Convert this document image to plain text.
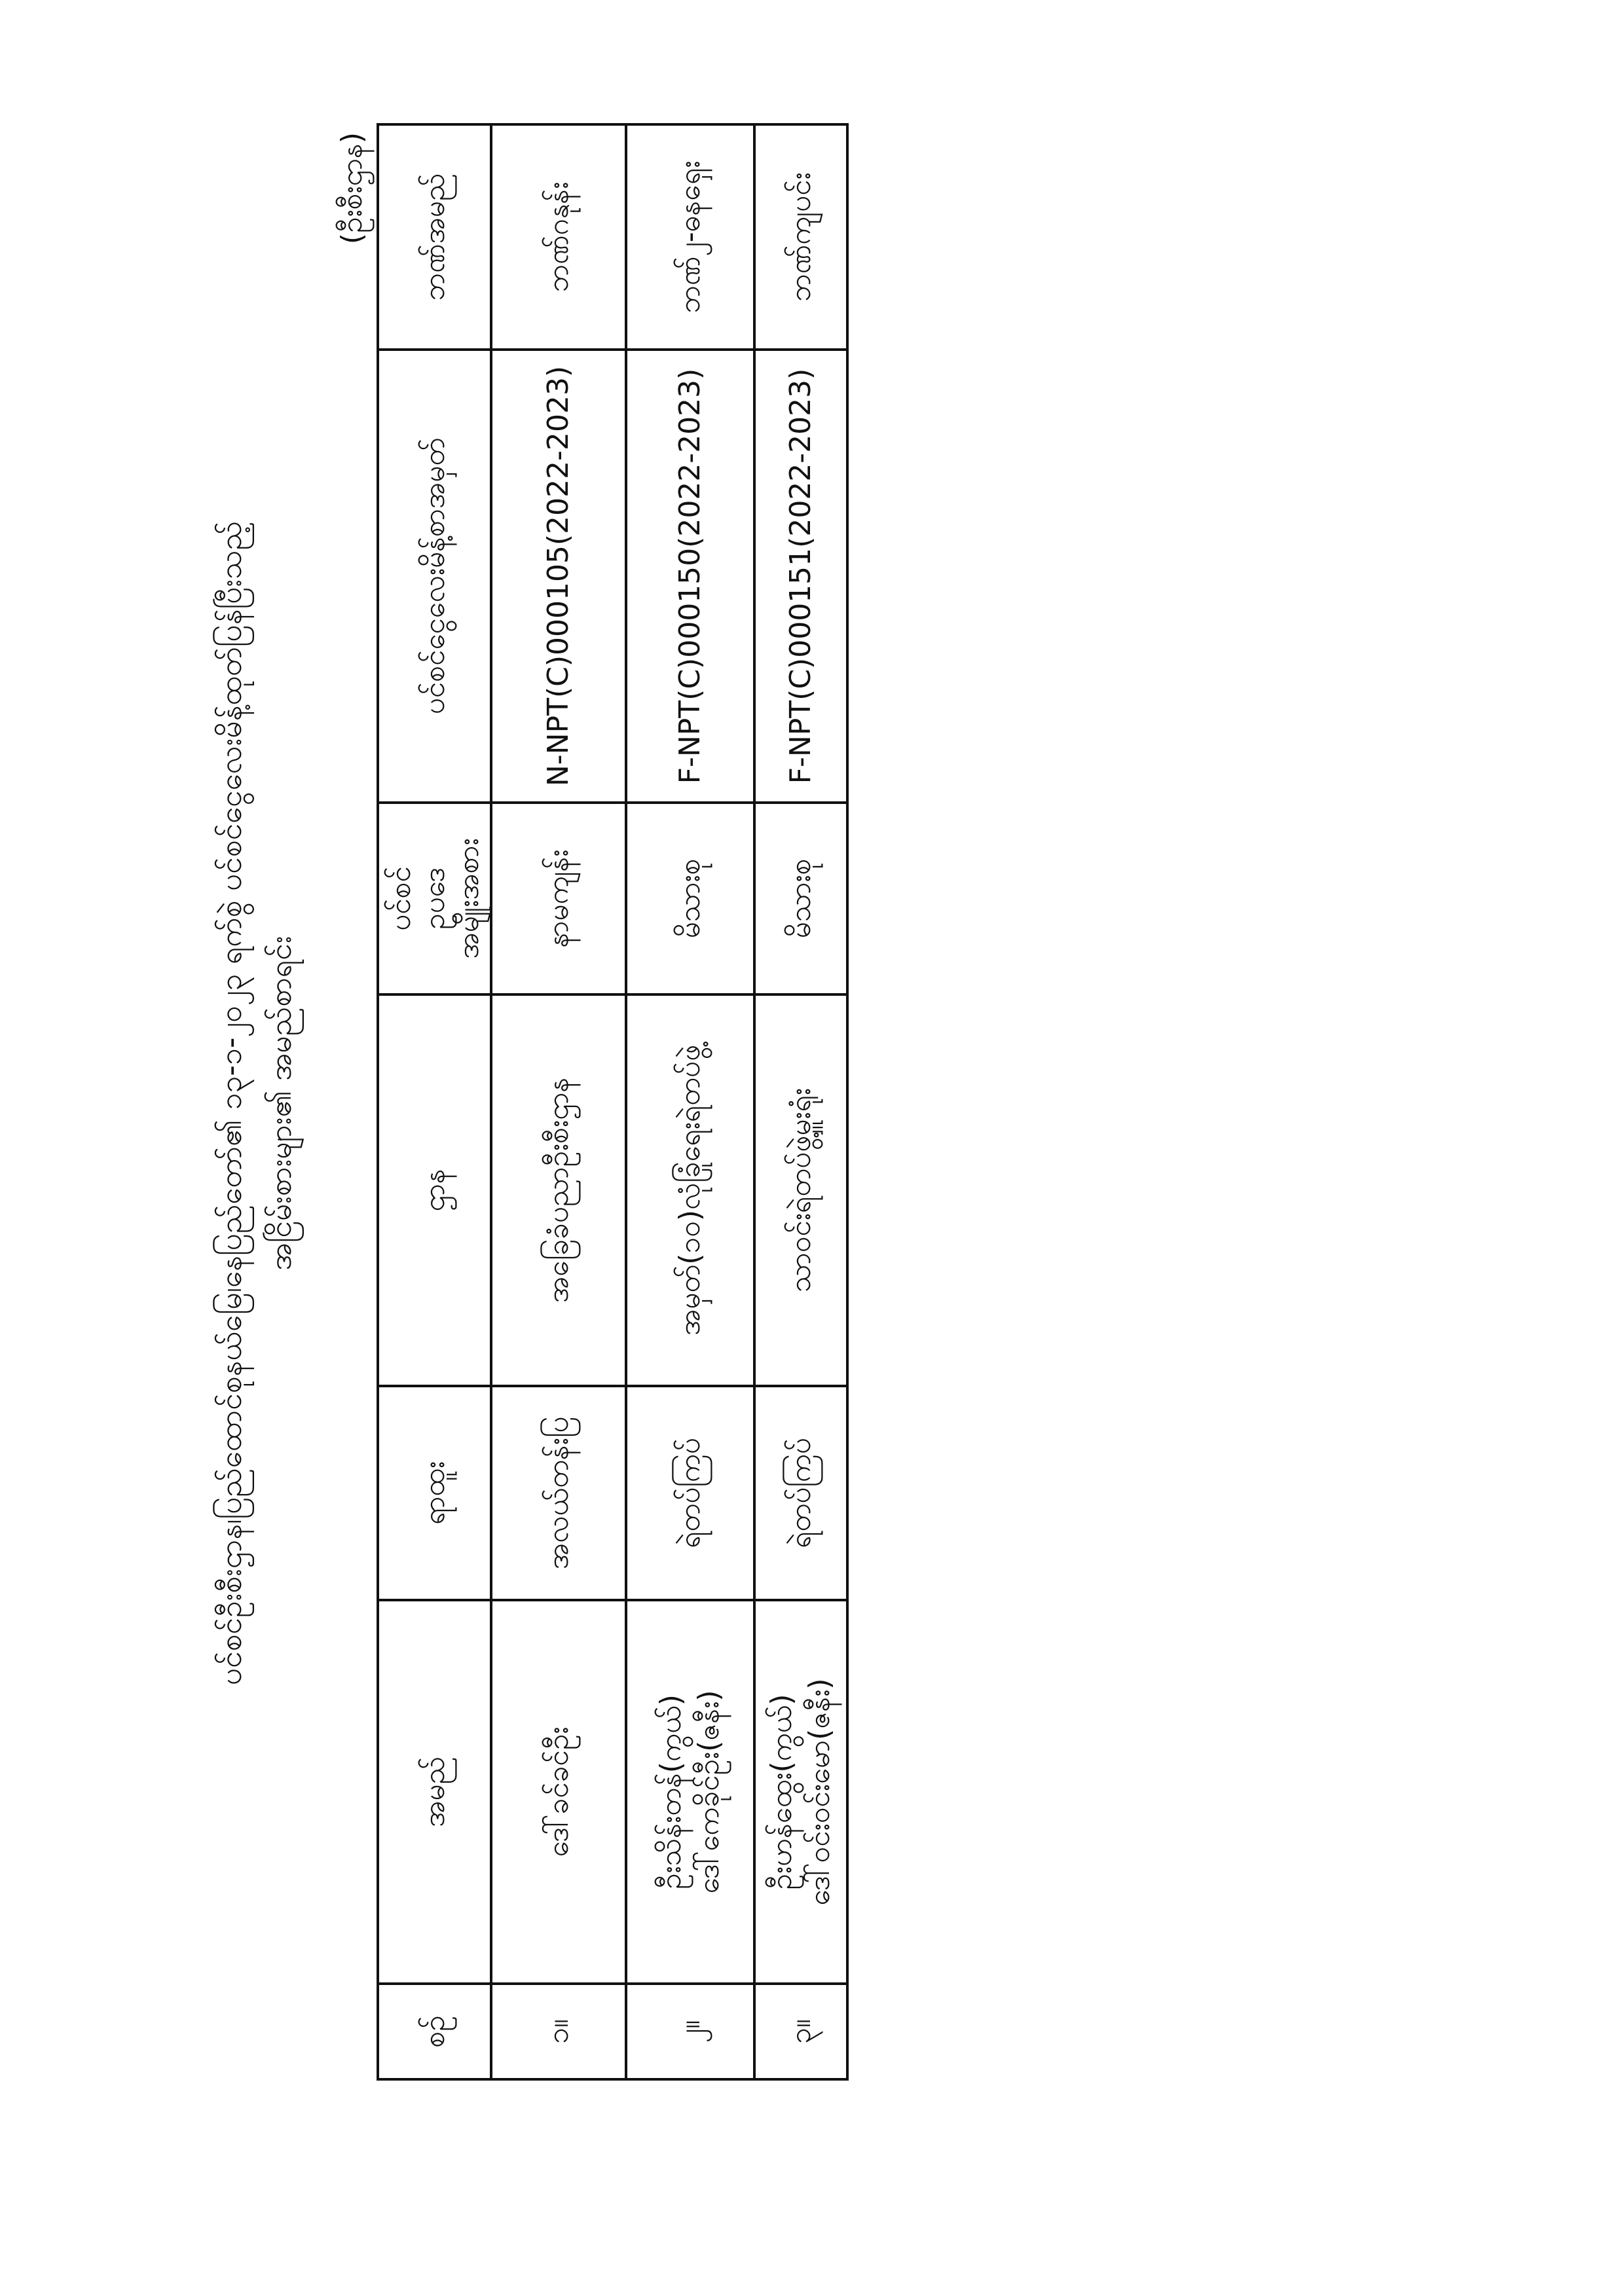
ပင်စင်ဦးစီးဌာန၊ပြည်ထောင်စုနယ်မြေ၊နေပြည်တော်၏ ၁၃-၁-၂၀၂၃ ရက်စွဲ ပင်စင်ငွေလေးမိန့်ထုတ်ပြန်ပြီးသည့် အငြိမ်းစားများ၏ အမည်စာရင်း
(ဦးစီးဌာန)
စဉ်	အမည်	ရာထူး	ဌာန	ပင်စင် ဥပဒေ အမျိုးအစား	ပင်စင်ငွေလေးမိန့်စာအမှတ်	ဘဏ်အမည်
၁။	ဒေါ်ခင်ခင်ဦး	အလယ်တန်းပြ	အခြေခံပညာဦးစီးဌာန	နာမကျန်း	N-NPT(C)000105(2022-2023)	ဘဏ်ဂနုန်း
၂။	ဦးသိန်းတန်(ကွယ်) ဒေါ်ကေခိုင်ဦး(ဇနီး)	ရဲတပ်ကြပ်	အမှတ်(၁၀)လုံခြုံရေးရဲတပ်ဖွဲ့	မိသားစု	F-NPT(C)000150(2022-2023)	ဘဏ်၂-ဓနရှေး
၃။	ဦးဟန်ထွေး(ကွယ်) ဒေါ်ဝင်းဝင်းမော(ဇနီး)	ရဲတပ်ကြပ်	သာဝင်းရဲတပ်ဖွဲ့မှူးရုံး	မိသားစု	F-NPT(C)000151(2022-2023)	ဘဏ်ကျပင်း
